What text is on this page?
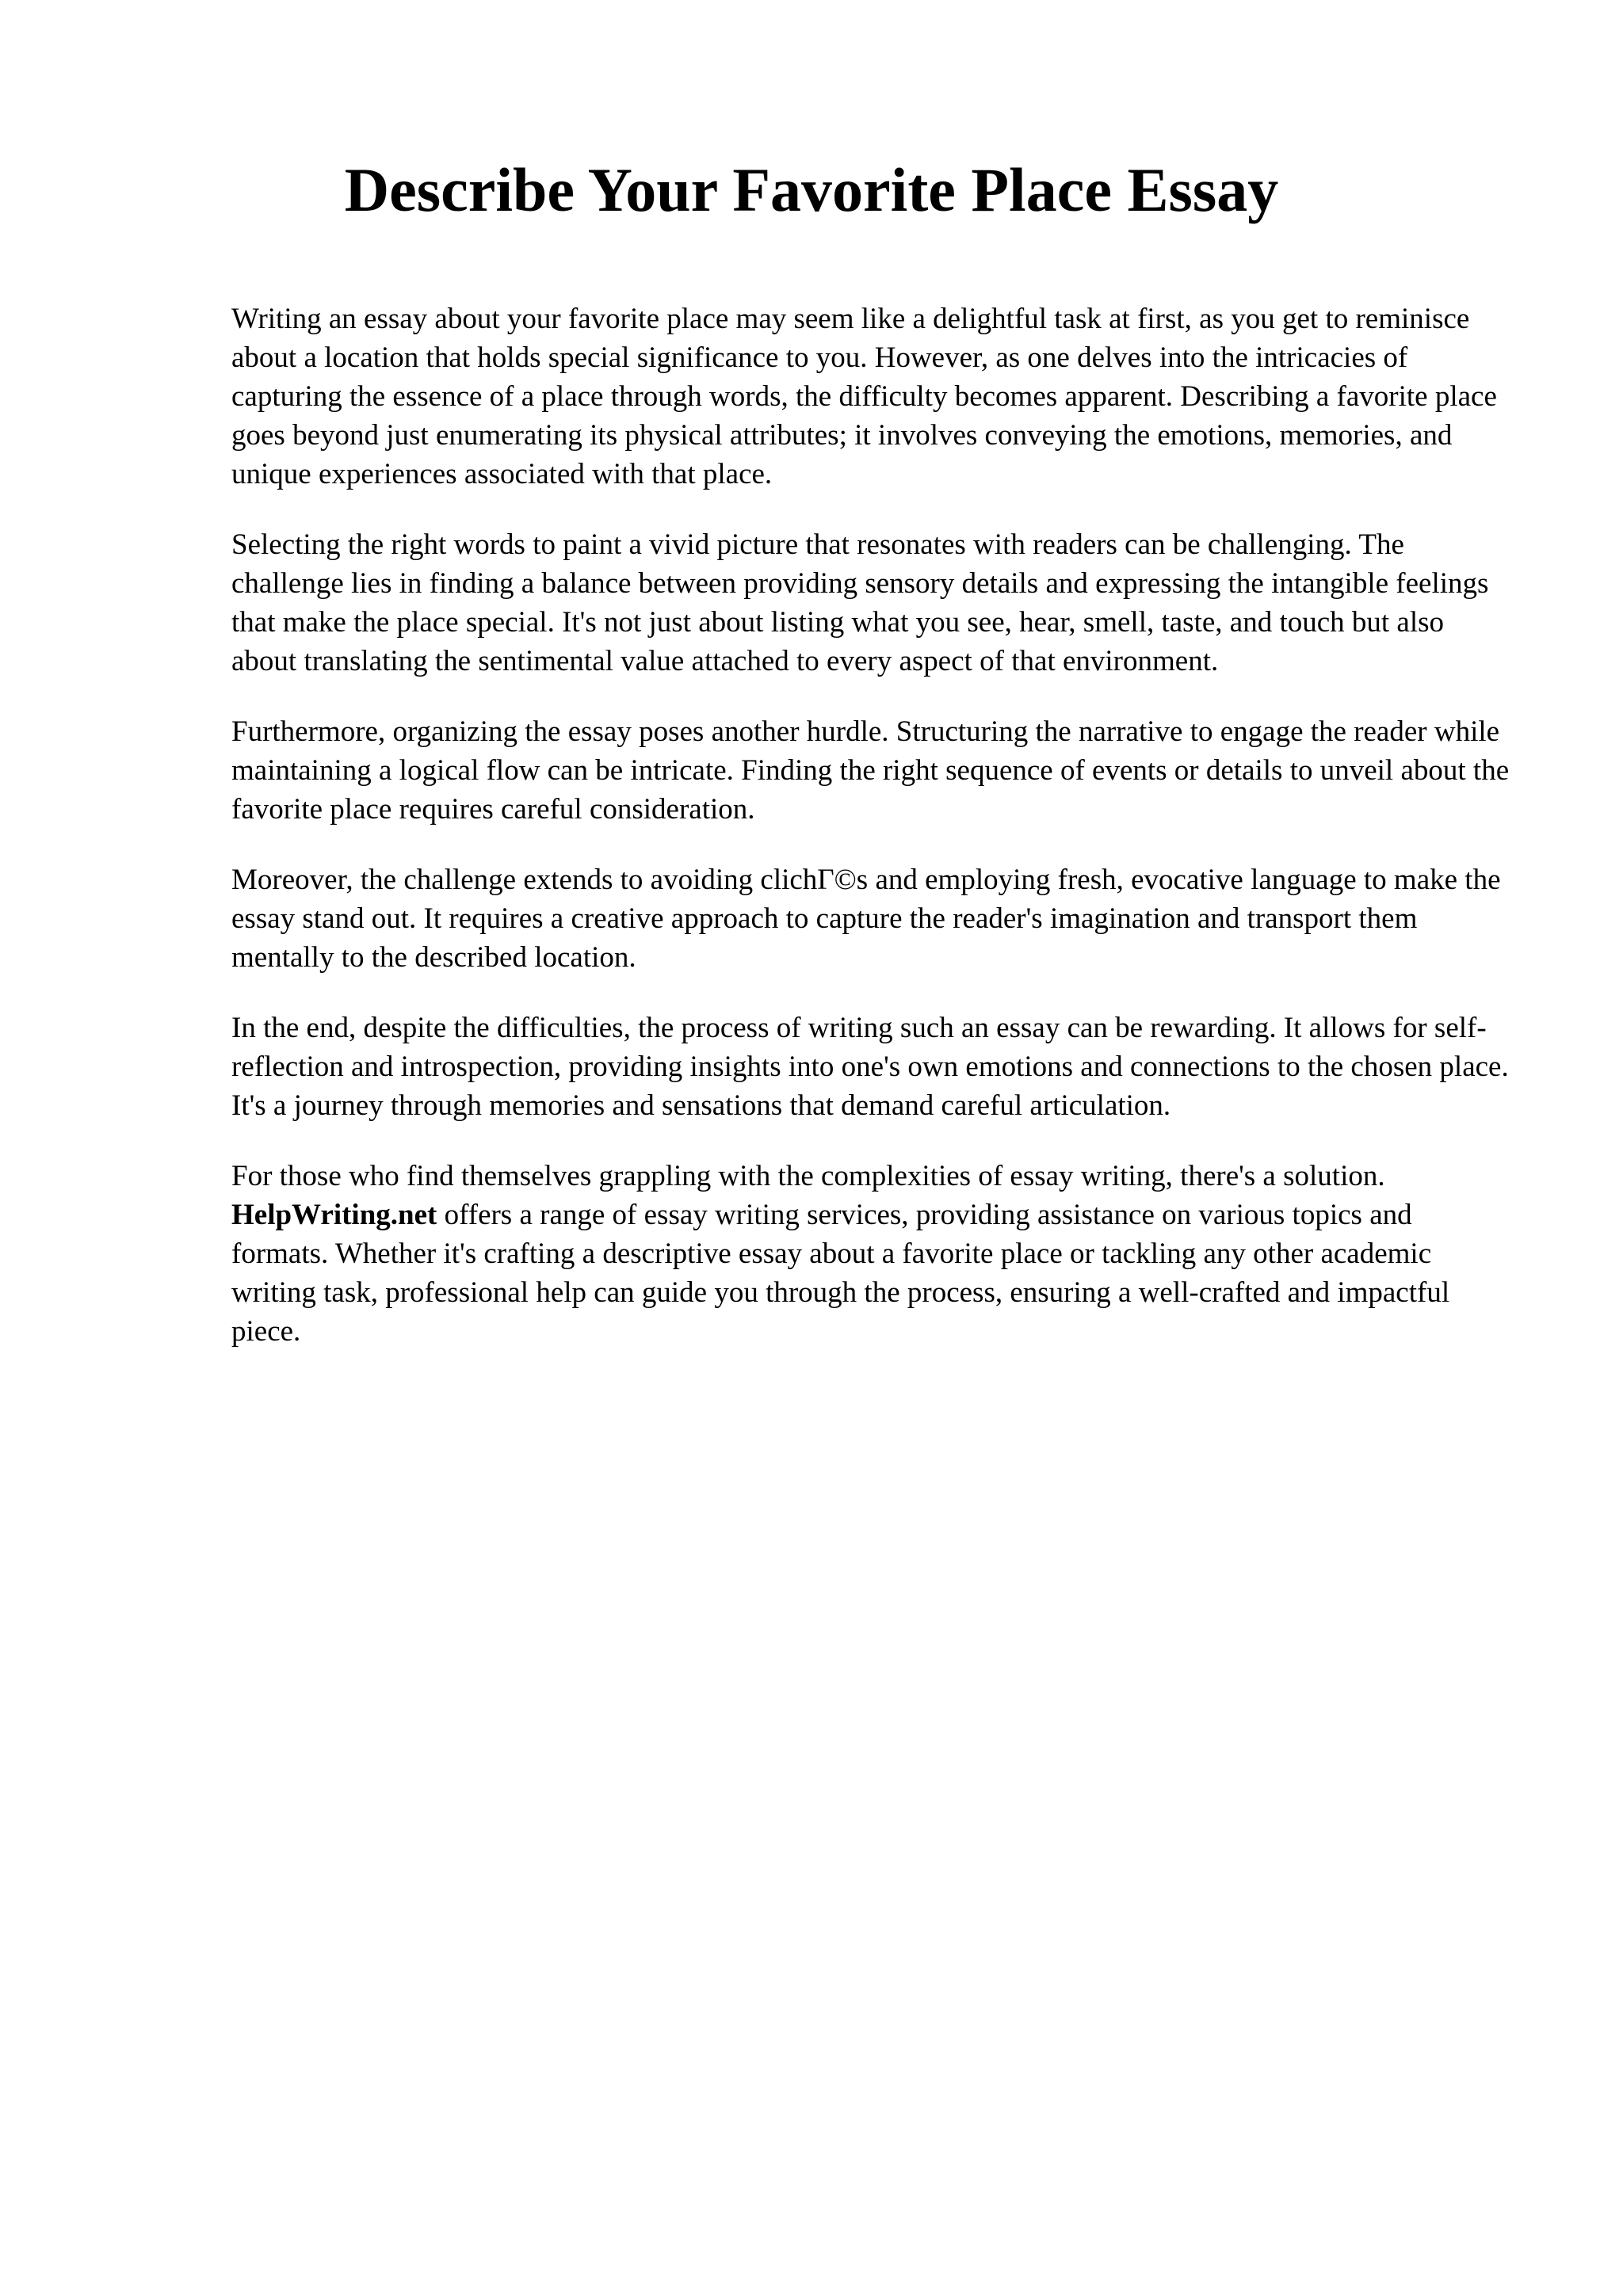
Describe Your Favorite Place Essay

Writing an essay about your favorite place may seem like a delightful task at first, as you get to reminisce about a location that holds special significance to you. However, as one delves into the intricacies of capturing the essence of a place through words, the difficulty becomes apparent. Describing a favorite place goes beyond just enumerating its physical attributes; it involves conveying the emotions, memories, and unique experiences associated with that place.

Selecting the right words to paint a vivid picture that resonates with readers can be challenging. The challenge lies in finding a balance between providing sensory details and expressing the intangible feelings that make the place special. It's not just about listing what you see, hear, smell, taste, and touch but also about translating the sentimental value attached to every aspect of that environment.

Furthermore, organizing the essay poses another hurdle. Structuring the narrative to engage the reader while maintaining a logical flow can be intricate. Finding the right sequence of events or details to unveil about the favorite place requires careful consideration.

Moreover, the challenge extends to avoiding clichΓ©s and employing fresh, evocative language to make the essay stand out. It requires a creative approach to capture the reader's imagination and transport them mentally to the described location.

In the end, despite the difficulties, the process of writing such an essay can be rewarding. It allows for self-reflection and introspection, providing insights into one's own emotions and connections to the chosen place. It's a journey through memories and sensations that demand careful articulation.

For those who find themselves grappling with the complexities of essay writing, there's a solution. HelpWriting.net offers a range of essay writing services, providing assistance on various topics and formats. Whether it's crafting a descriptive essay about a favorite place or tackling any other academic writing task, professional help can guide you through the process, ensuring a well-crafted and impactful piece.
